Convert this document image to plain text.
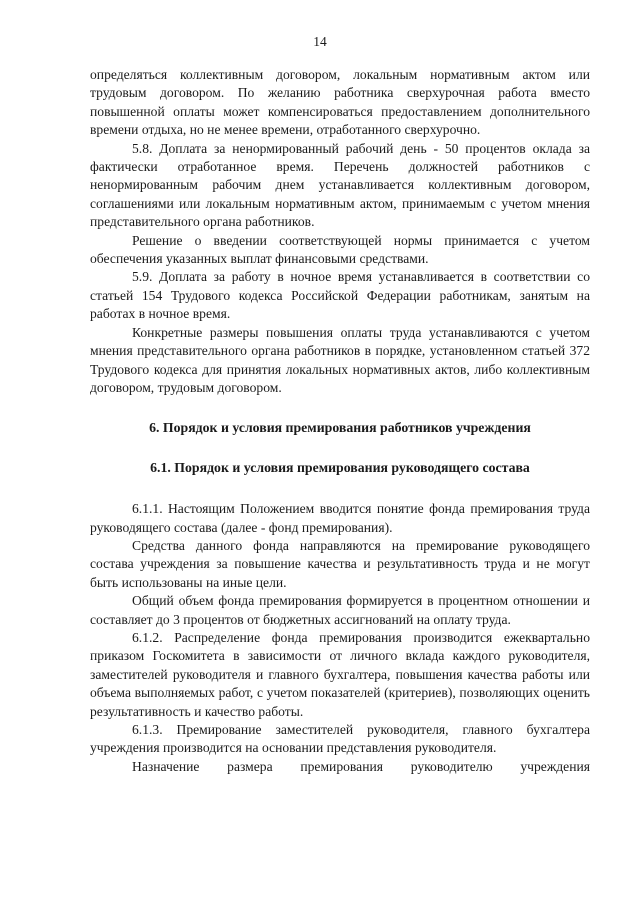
14

определяться коллективным договором, локальным нормативным актом или трудовым договором. По желанию работника сверхурочная работа вместо повышенной оплаты может компенсироваться предоставлением дополнительного времени отдыха, но не менее времени, отработанного сверхурочно.

5.8. Доплата за ненормированный рабочий день - 50 процентов оклада за фактически отработанное время. Перечень должностей работников с ненормированным рабочим днем устанавливается коллективным договором, соглашениями или локальным нормативным актом, принимаемым с учетом мнения представительного органа работников.

Решение о введении соответствующей нормы принимается с учетом обеспечения указанных выплат финансовыми средствами.

5.9. Доплата за работу в ночное время устанавливается в соответствии со статьей 154 Трудового кодекса Российской Федерации работникам, занятым на работах в ночное время.

Конкретные размеры повышения оплаты труда устанавливаются с учетом мнения представительного органа работников в порядке, установленном статьей 372 Трудового кодекса для принятия локальных нормативных актов, либо коллективным договором, трудовым договором.

6. Порядок и условия премирования работников учреждения
6.1. Порядок и условия премирования руководящего состава

6.1.1. Настоящим Положением вводится понятие фонда премирования труда руководящего состава (далее - фонд премирования).

Средства данного фонда направляются на премирование руководящего состава учреждения за повышение качества и результативность труда и не могут быть использованы на иные цели.

Общий объем фонда премирования формируется в процентном отношении и составляет до 3 процентов от бюджетных ассигнований на оплату труда.

6.1.2. Распределение фонда премирования производится ежеквартально приказом Госкомитета в зависимости от личного вклада каждого руководителя, заместителей руководителя и главного бухгалтера, повышения качества работы или объема выполняемых работ, с учетом показателей (критериев), позволяющих оценить результативность и качество работы.

6.1.3. Премирование заместителей руководителя, главного бухгалтера учреждения производится на основании представления руководителя.

Назначение размера премирования руководителю учреждения
